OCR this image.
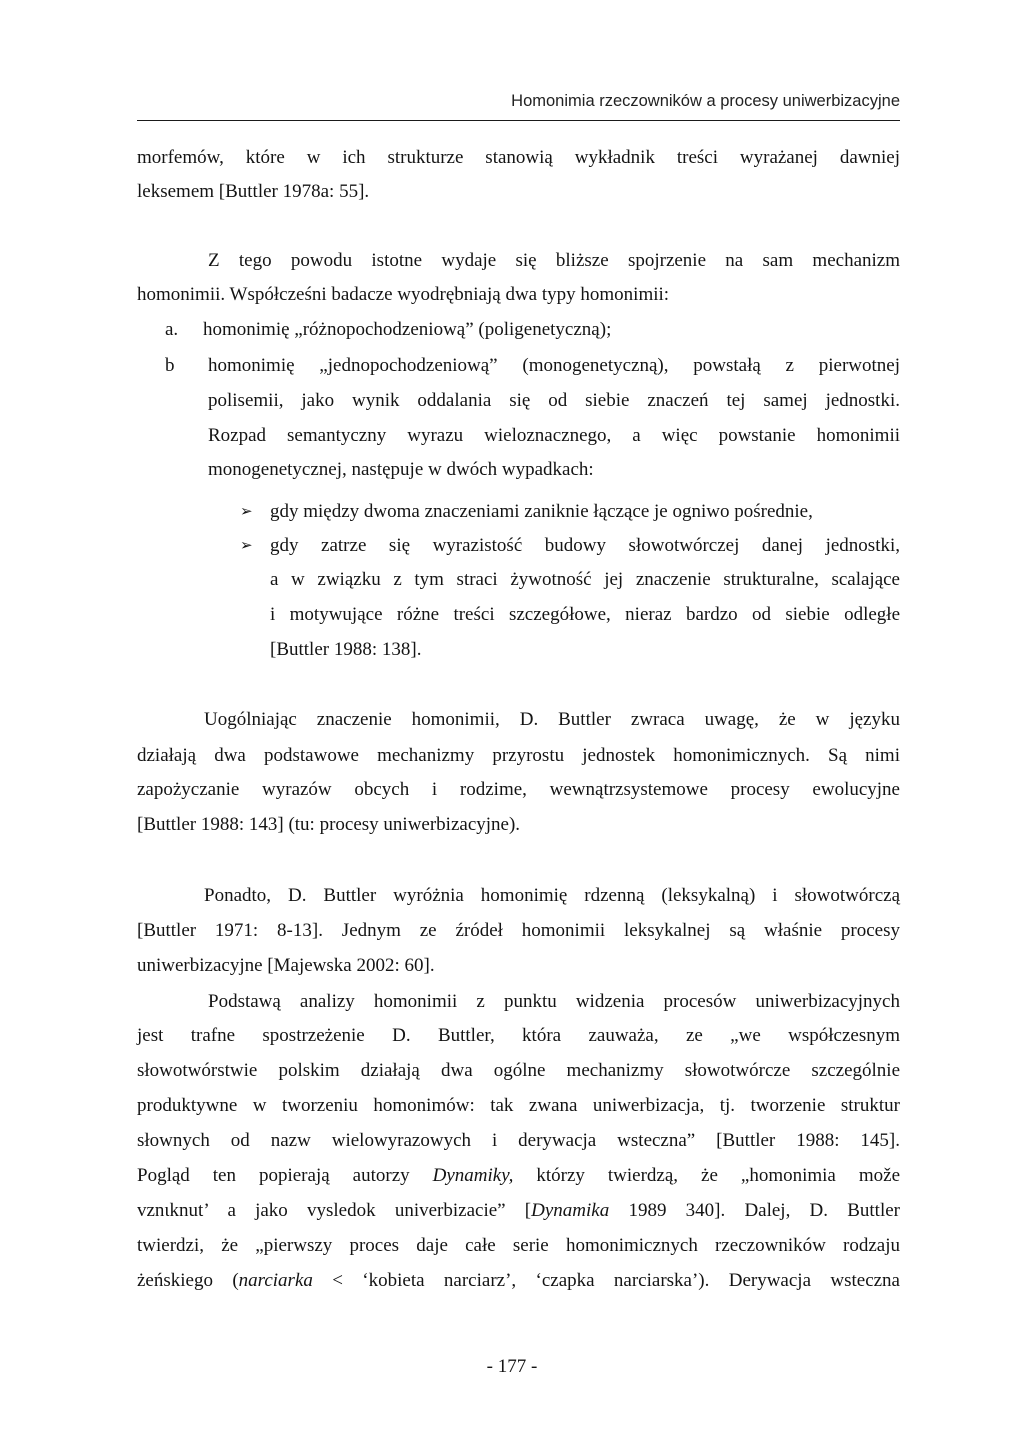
Homonimia rzeczowników a procesy uniwerbizacyjne
morfemów, które w ich strukturze stanowią wykładnik treści wyrażanej dawniej
leksemem [Buttler 1978a: 55].
Z tego powodu istotne wydaje się bliższe spojrzenie na sam mechanizm
homonimii. Współcześni badacze wyodrębniają dwa typy homonimii:
a. homonimię „różnopochodzeniową” (poligenetyczną);
b homonimię „jednopochodzeniową” (monogenetyczną), powstałą z pierwotnej
polisemii, jako wynik oddalania się od siebie znaczeń tej samej jednostki.
Rozpad semantyczny wyrazu wieloznacznego, a więc powstanie homonimii
monogenetycznej, następuje w dwóch wypadkach:
➢ gdy między dwoma znaczeniami zaniknie łączące je ogniwo pośrednie,
➢ gdy zatrze się wyrazistość budowy słowotwórczej danej jednostki,
a w związku z tym straci żywotność jej znaczenie strukturalne, scalające
i motywujące różne treści szczegółowe, nieraz bardzo od siebie odległe
[Buttler 1988: 138].
Uogólniając znaczenie homonimii, D. Buttler zwraca uwagę, że w języku
działają dwa podstawowe mechanizmy przyrostu jednostek homonimicznych. Są nimi
zapożyczanie wyrazów obcych i rodzime, wewnątrzsystemowe procesy ewolucyjne
[Buttler 1988: 143] (tu: procesy uniwerbizacyjne).
Ponadto, D. Buttler wyróżnia homonimię rdzenną (leksykalną) i słowotwórczą
[Buttler 1971: 8-13]. Jednym ze źródeł homonimii leksykalnej są właśnie procesy
uniwerbizacyjne [Majewska 2002: 60].
Podstawą analizy homonimii z punktu widzenia procesów uniwerbizacyjnych
jest trafne spostrzeżenie D. Buttler, która zauważa, ze „we współczesnym
słowotwórstwie polskim działają dwa ogólne mechanizmy słowotwórcze szczególnie
produktywne w tworzeniu homonimów: tak zwana uniwerbizacja, tj. tworzenie struktur
słownych od nazw wielowyrazowych i derywacja wsteczna” [Buttler 1988: 145].
Pogląd ten popierają autorzy Dynamiky, którzy twierdzą, że „homonimia može
vznιknut’ a jako vysledok univerbizacie” [Dynamika 1989 340]. Dalej, D. Buttler
twierdzi, że „pierwszy proces daje całe serie homonimicznych rzeczowników rodzaju
żeńskiego (narciarka < ‘kobieta narciarz’, ‘czapka narciarska’). Derywacja wsteczna
- 177 -
